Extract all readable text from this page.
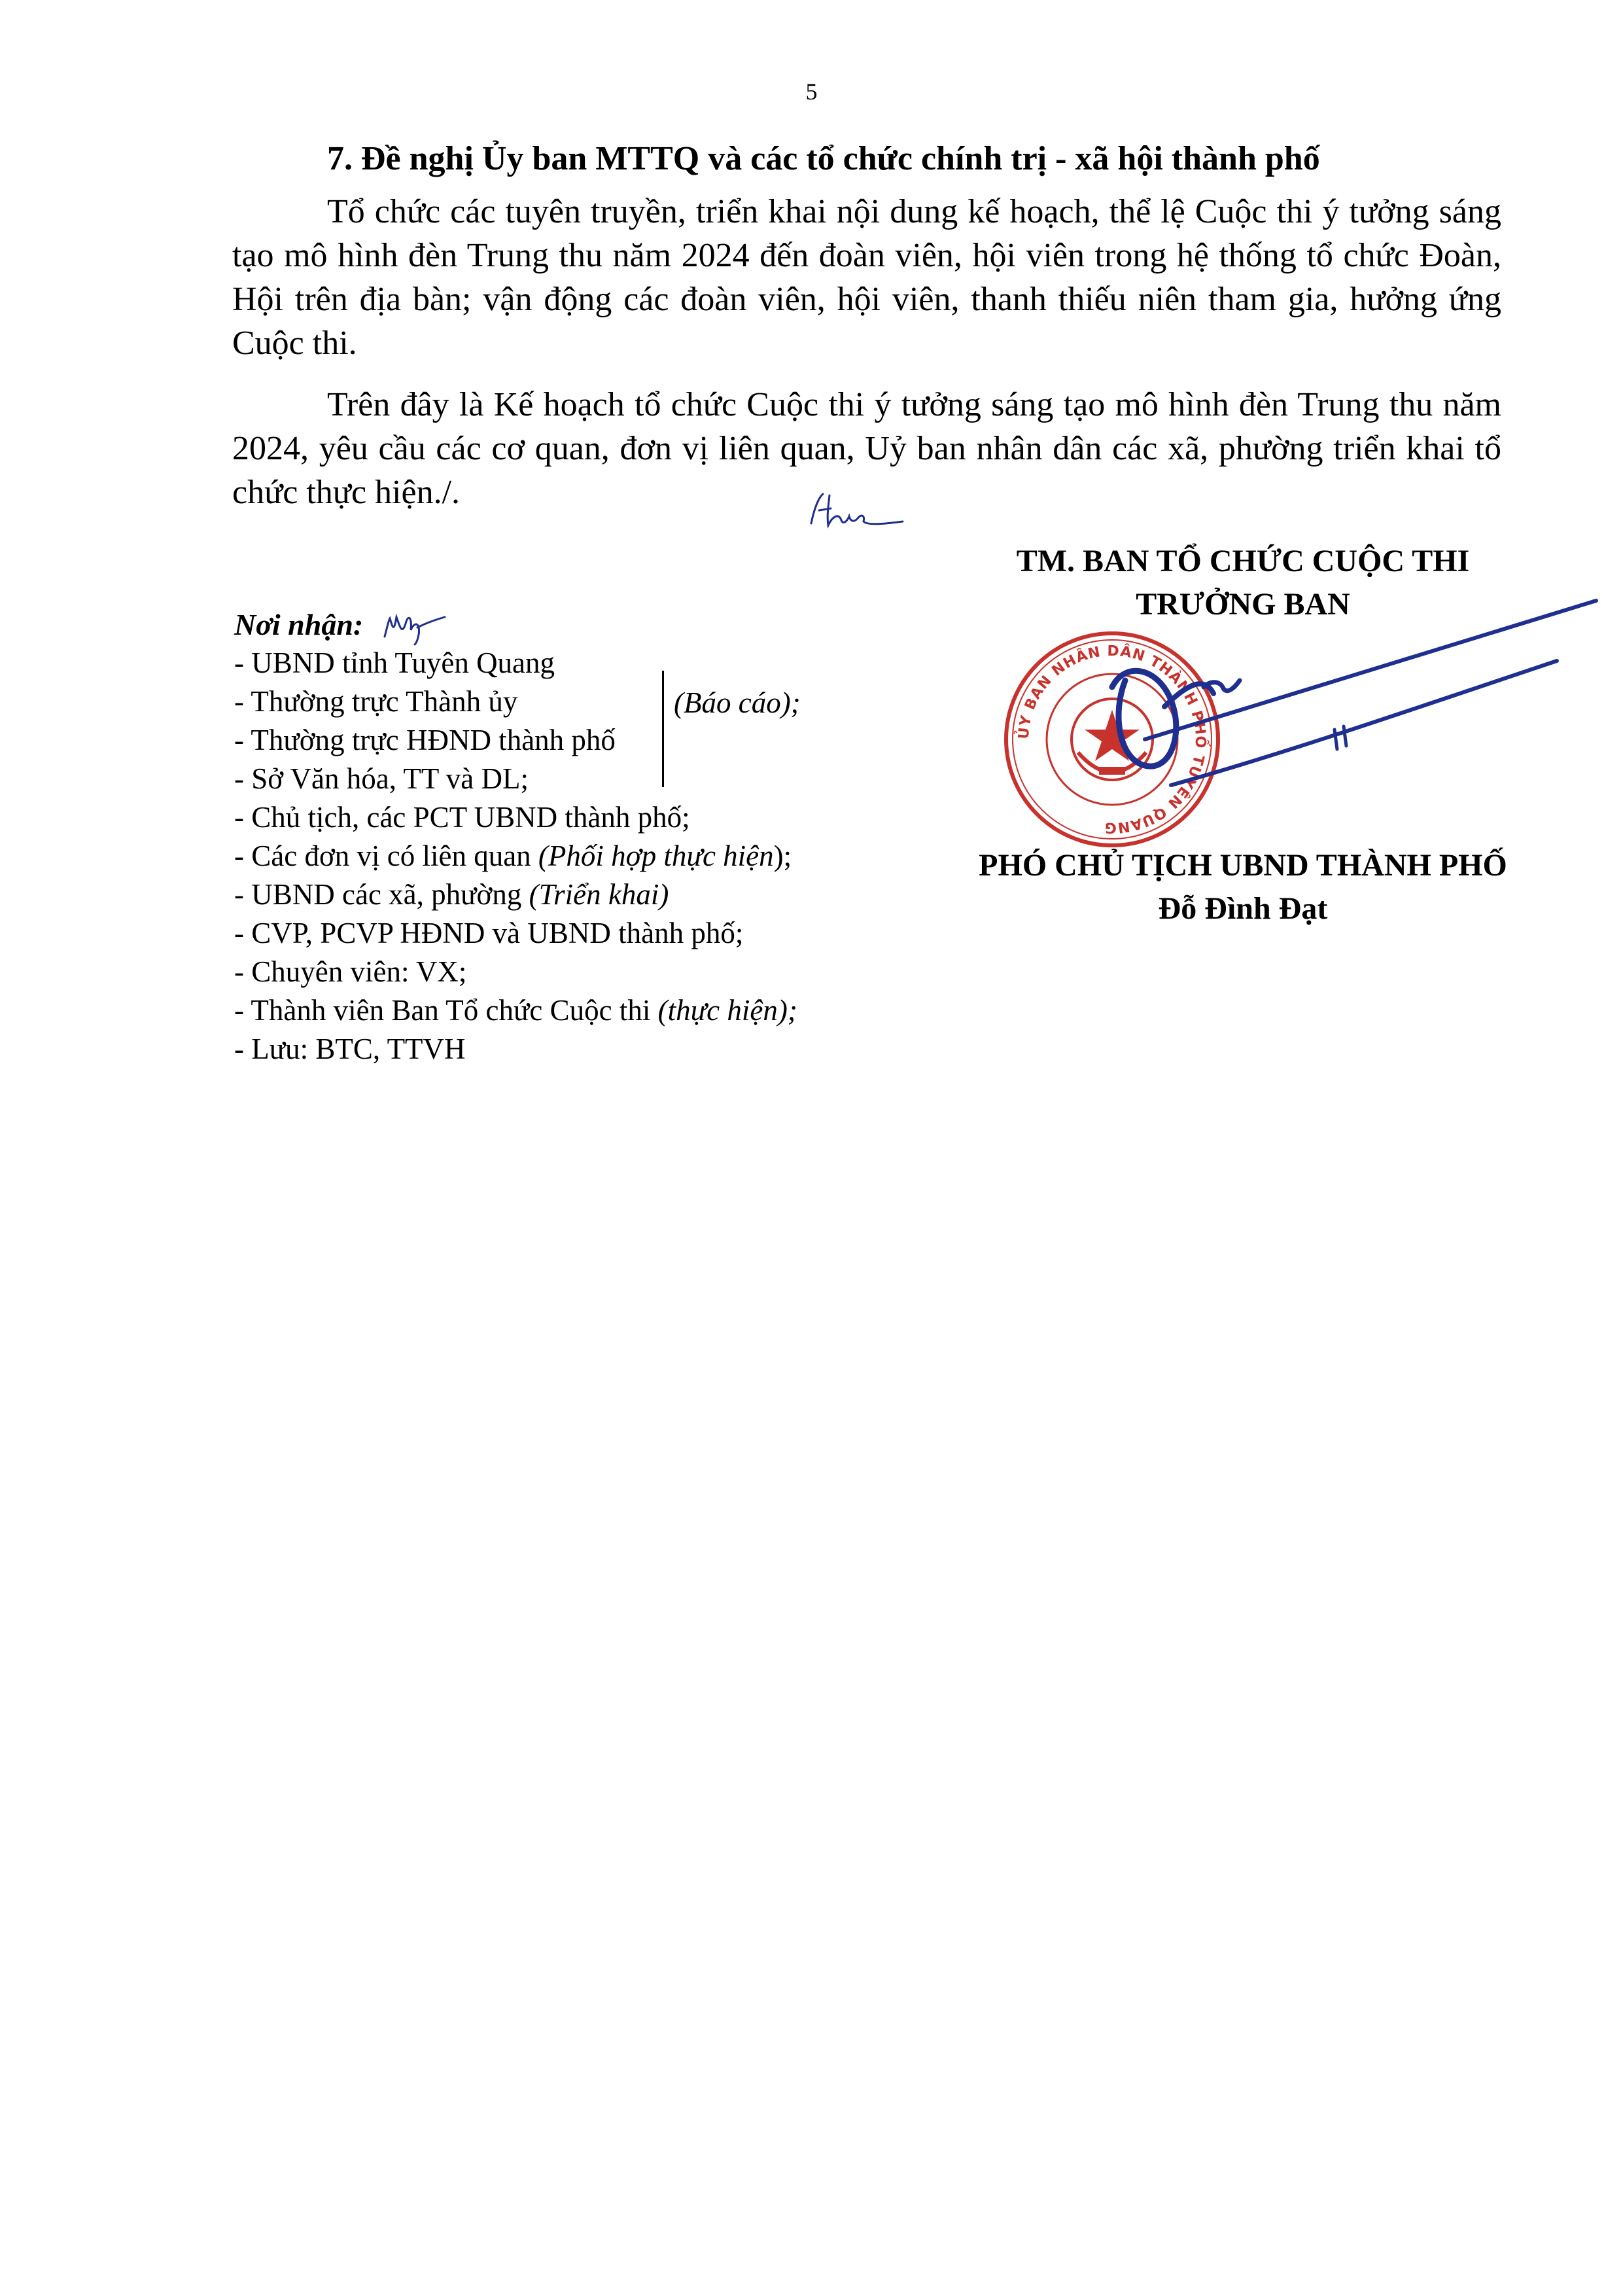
5
7. Đề nghị Ủy ban MTTQ và các tổ chức chính trị - xã hội thành phố

Tổ chức các tuyên truyền, triển khai nội dung kế hoạch, thể lệ Cuộc thi ý tưởng sáng tạo mô hình đèn Trung thu năm 2024 đến đoàn viên, hội viên trong hệ thống tổ chức Đoàn, Hội trên địa bàn; vận động các đoàn viên, hội viên, thanh thiếu niên tham gia, hưởng ứng Cuộc thi.

Trên đây là Kế hoạch tổ chức Cuộc thi ý tưởng sáng tạo mô hình đèn Trung thu năm 2024, yêu cầu các cơ quan, đơn vị liên quan, Uỷ ban nhân dân các xã, phường triển khai tổ chức thực hiện./.

TM. BAN TỔ CHỨC CUỘC THI
TRƯỞNG BAN
ỦY BAN NHÂN DÂN THÀNH PHỐ TUYÊN QUANG
PHÓ CHỦ TỊCH UBND THÀNH PHỐ
Đỗ Đình Đạt
Nơi nhận:
- UBND tỉnh Tuyên Quang
- Thường trực Thành ủy
- Thường trực HĐND thành phố
- Sở Văn hóa, TT và DL;
- Chủ tịch, các PCT UBND thành phố;
- Các đơn vị có liên quan (Phối hợp thực hiện);
- UBND các xã, phường (Triển khai)
- CVP, PCVP HĐND và UBND thành phố;
- Chuyên viên: VX;
- Thành viên Ban Tổ chức Cuộc thi (thực hiện);
- Lưu: BTC, TTVH
(Báo cáo);
